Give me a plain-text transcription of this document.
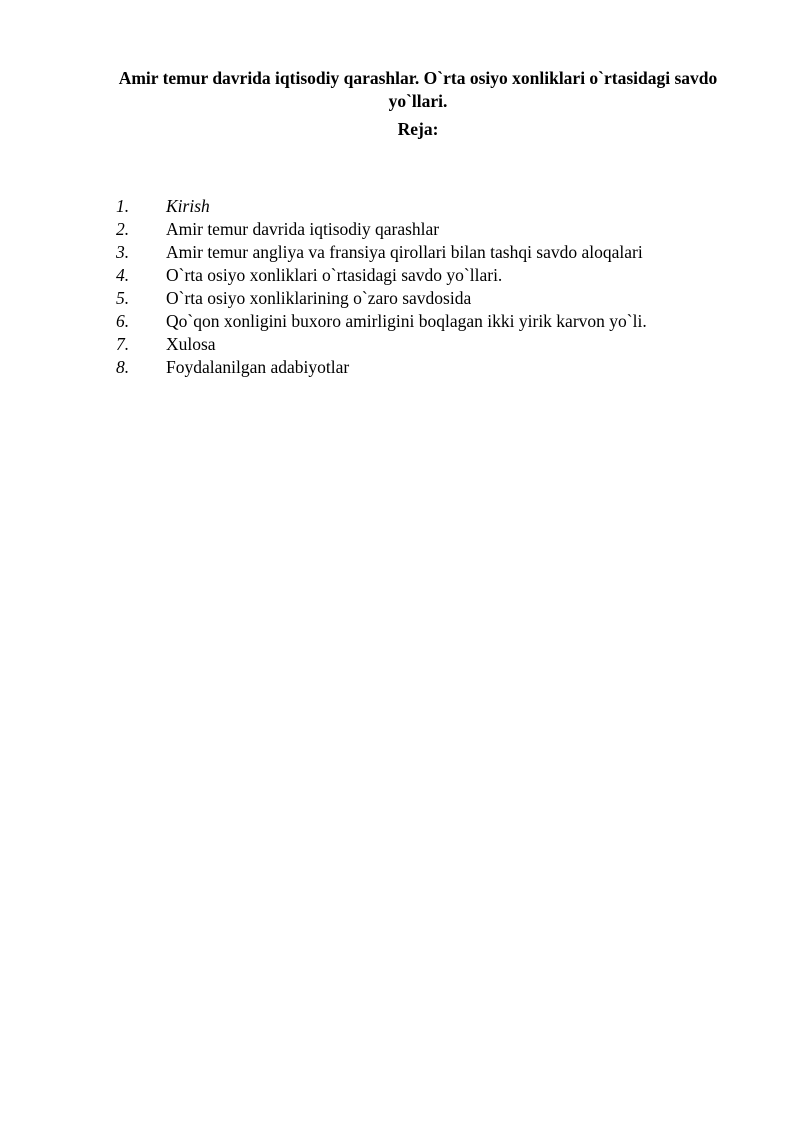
Amir temur davrida iqtisodiy qarashlar. O`rta osiyo xonliklari o`rtasidagi savdo yo`llari.
Reja:
1.	Kirish
2.	Amir temur davrida iqtisodiy qarashlar
3.	Amir temur angliya va fransiya qirollari bilan tashqi savdo aloqalari
4.	O`rta osiyo xonliklari o`rtasidagi savdo yo`llari.
5.	O`rta osiyo xonliklarining o`zaro savdosida
6.	Qo`qon xonligini buxoro amirligini boqlagan ikki yirik karvon yo`li.
7.	Xulosa
8.	Foydalanilgan adabiyotlar
